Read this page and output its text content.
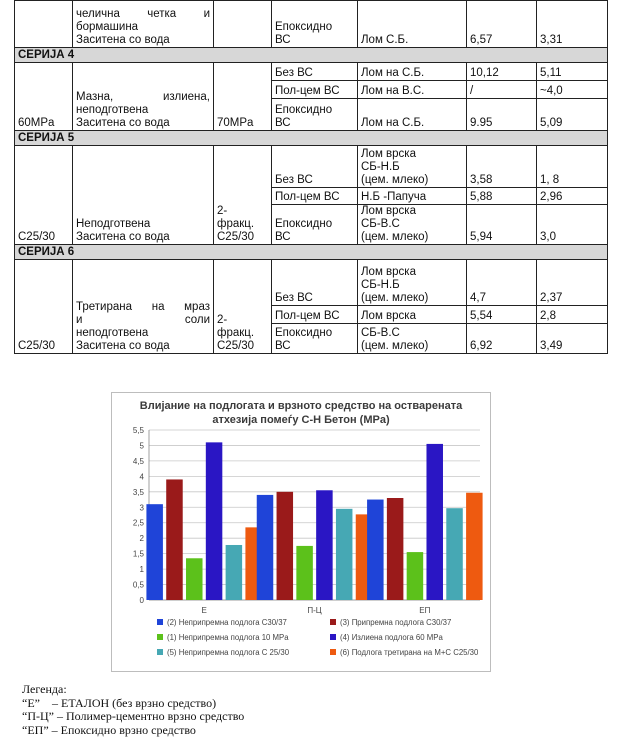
	челична четка и
бормашина
Заситена со вода		Епоксидно
ВС	Лом С.Б.	6,57	3,31
СЕРИЈА 4						
60MPa	Мазна, излиена,
неподготвена
Заситена со вода	70MPa	Без ВС	Лом на С.Б.	10,12	5,11

			Пол-цем ВС	Лом на В.С.	/	~4,0

			Епоксидно
ВС	Лом на С.Б.	9.95	5,09
СЕРИЈА 5						
C25/30	Неподготвена
Заситена со вода	2-
фракц.
C25/30	Без ВС	Лом врска
СБ-Н.Б
(цем. млеко)	3,58	1, 8

			Пол-цем ВС	Н.Б -Папуча	5,88	2,96

			Епоксидно
ВС	Лом врска
СБ-В.С
(цем. млеко)	5,94	3,0
СЕРИЈА 6						
C25/30	Третирана на мраз
и соли
неподготвена
Заситена со вода	2-
фракц.
C25/30	Без ВС	Лом врска
СБ-Н.Б
(цем. млеко)	4,7	2,37

			Пол-цем ВС	Лом врска	5,54	2,8

			Епоксидно
ВС	СБ-В.С
(цем. млеко)	6,92	3,49
Влијание на подлогата и врзното средство на остварената
атхезија помеѓу С-Н Бетон (MPa)
0
0,5
1
1,5
2
2,5
3
3,5
4
4,5
5
5,5
Е	П-Ц	ЕП
(2) Неприпремна подлога С30/37	(3) Припремна подлога С30/37
(1) Неприпремна подлога 10 MPa	(4) Излиена подлога 60 MPa
(5) Неприпремна подлога С 25/30	(6) Подлога третирана на М+С С25/30
Легенда:
“Е”    – ЕТАЛОН (без врзно средство)
“П-Ц” – Полимер-цементно врзно средство
“ЕП” – Епоксидно врзно средство
